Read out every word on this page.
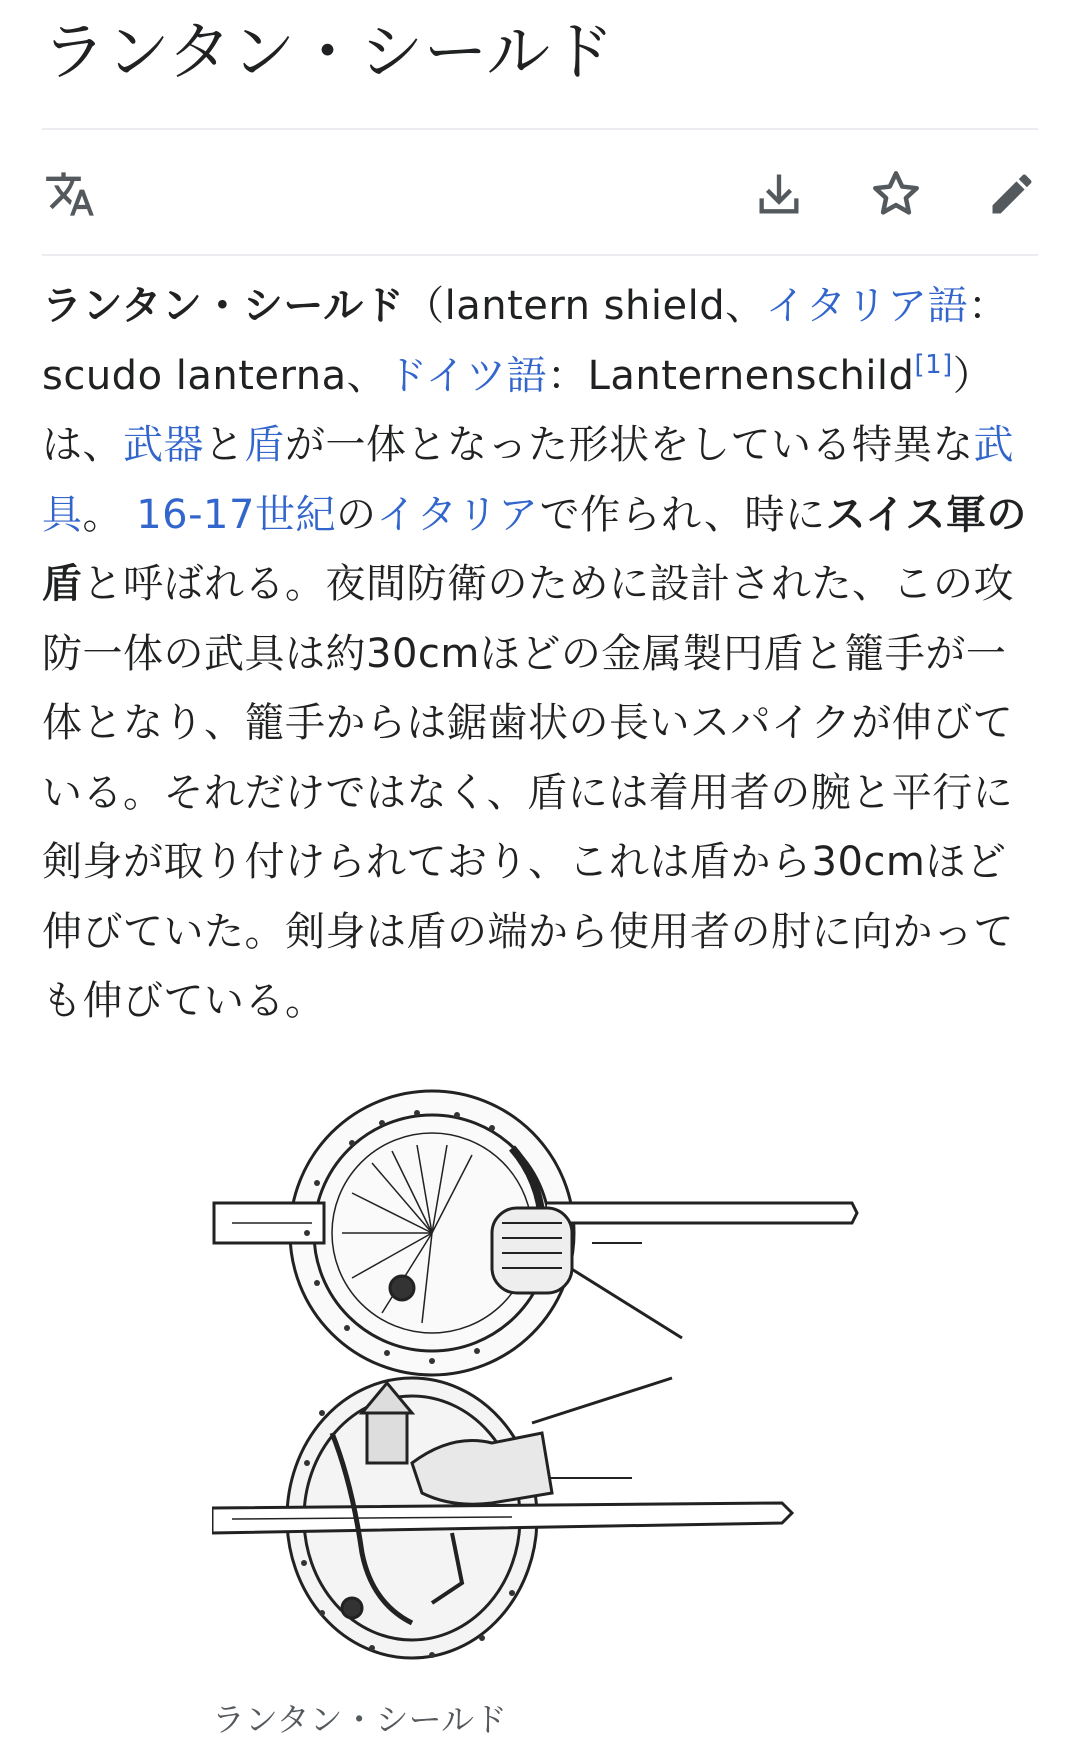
ランタン・シールド

ランタン・シールド（lantern shield、イタリア語：scudo lanterna、ドイツ語：Lanternenschild[1]）は、武器と盾が一体となった形状をしている特異な武具。 16-17世紀のイタリアで作られ、時にスイス軍の盾と呼ばれる。夜間防衛のために設計された、この攻防一体の武具は約30cmほどの金属製円盾と籠手が一体となり、籠手からは鋸歯状の長いスパイクが伸びている。それだけではなく、盾には着用者の腕と平行に剣身が取り付けられており、これは盾から30cmほど伸びていた。剣身は盾の端から使用者の肘に向かっても伸びている。

ランタン・シールド
